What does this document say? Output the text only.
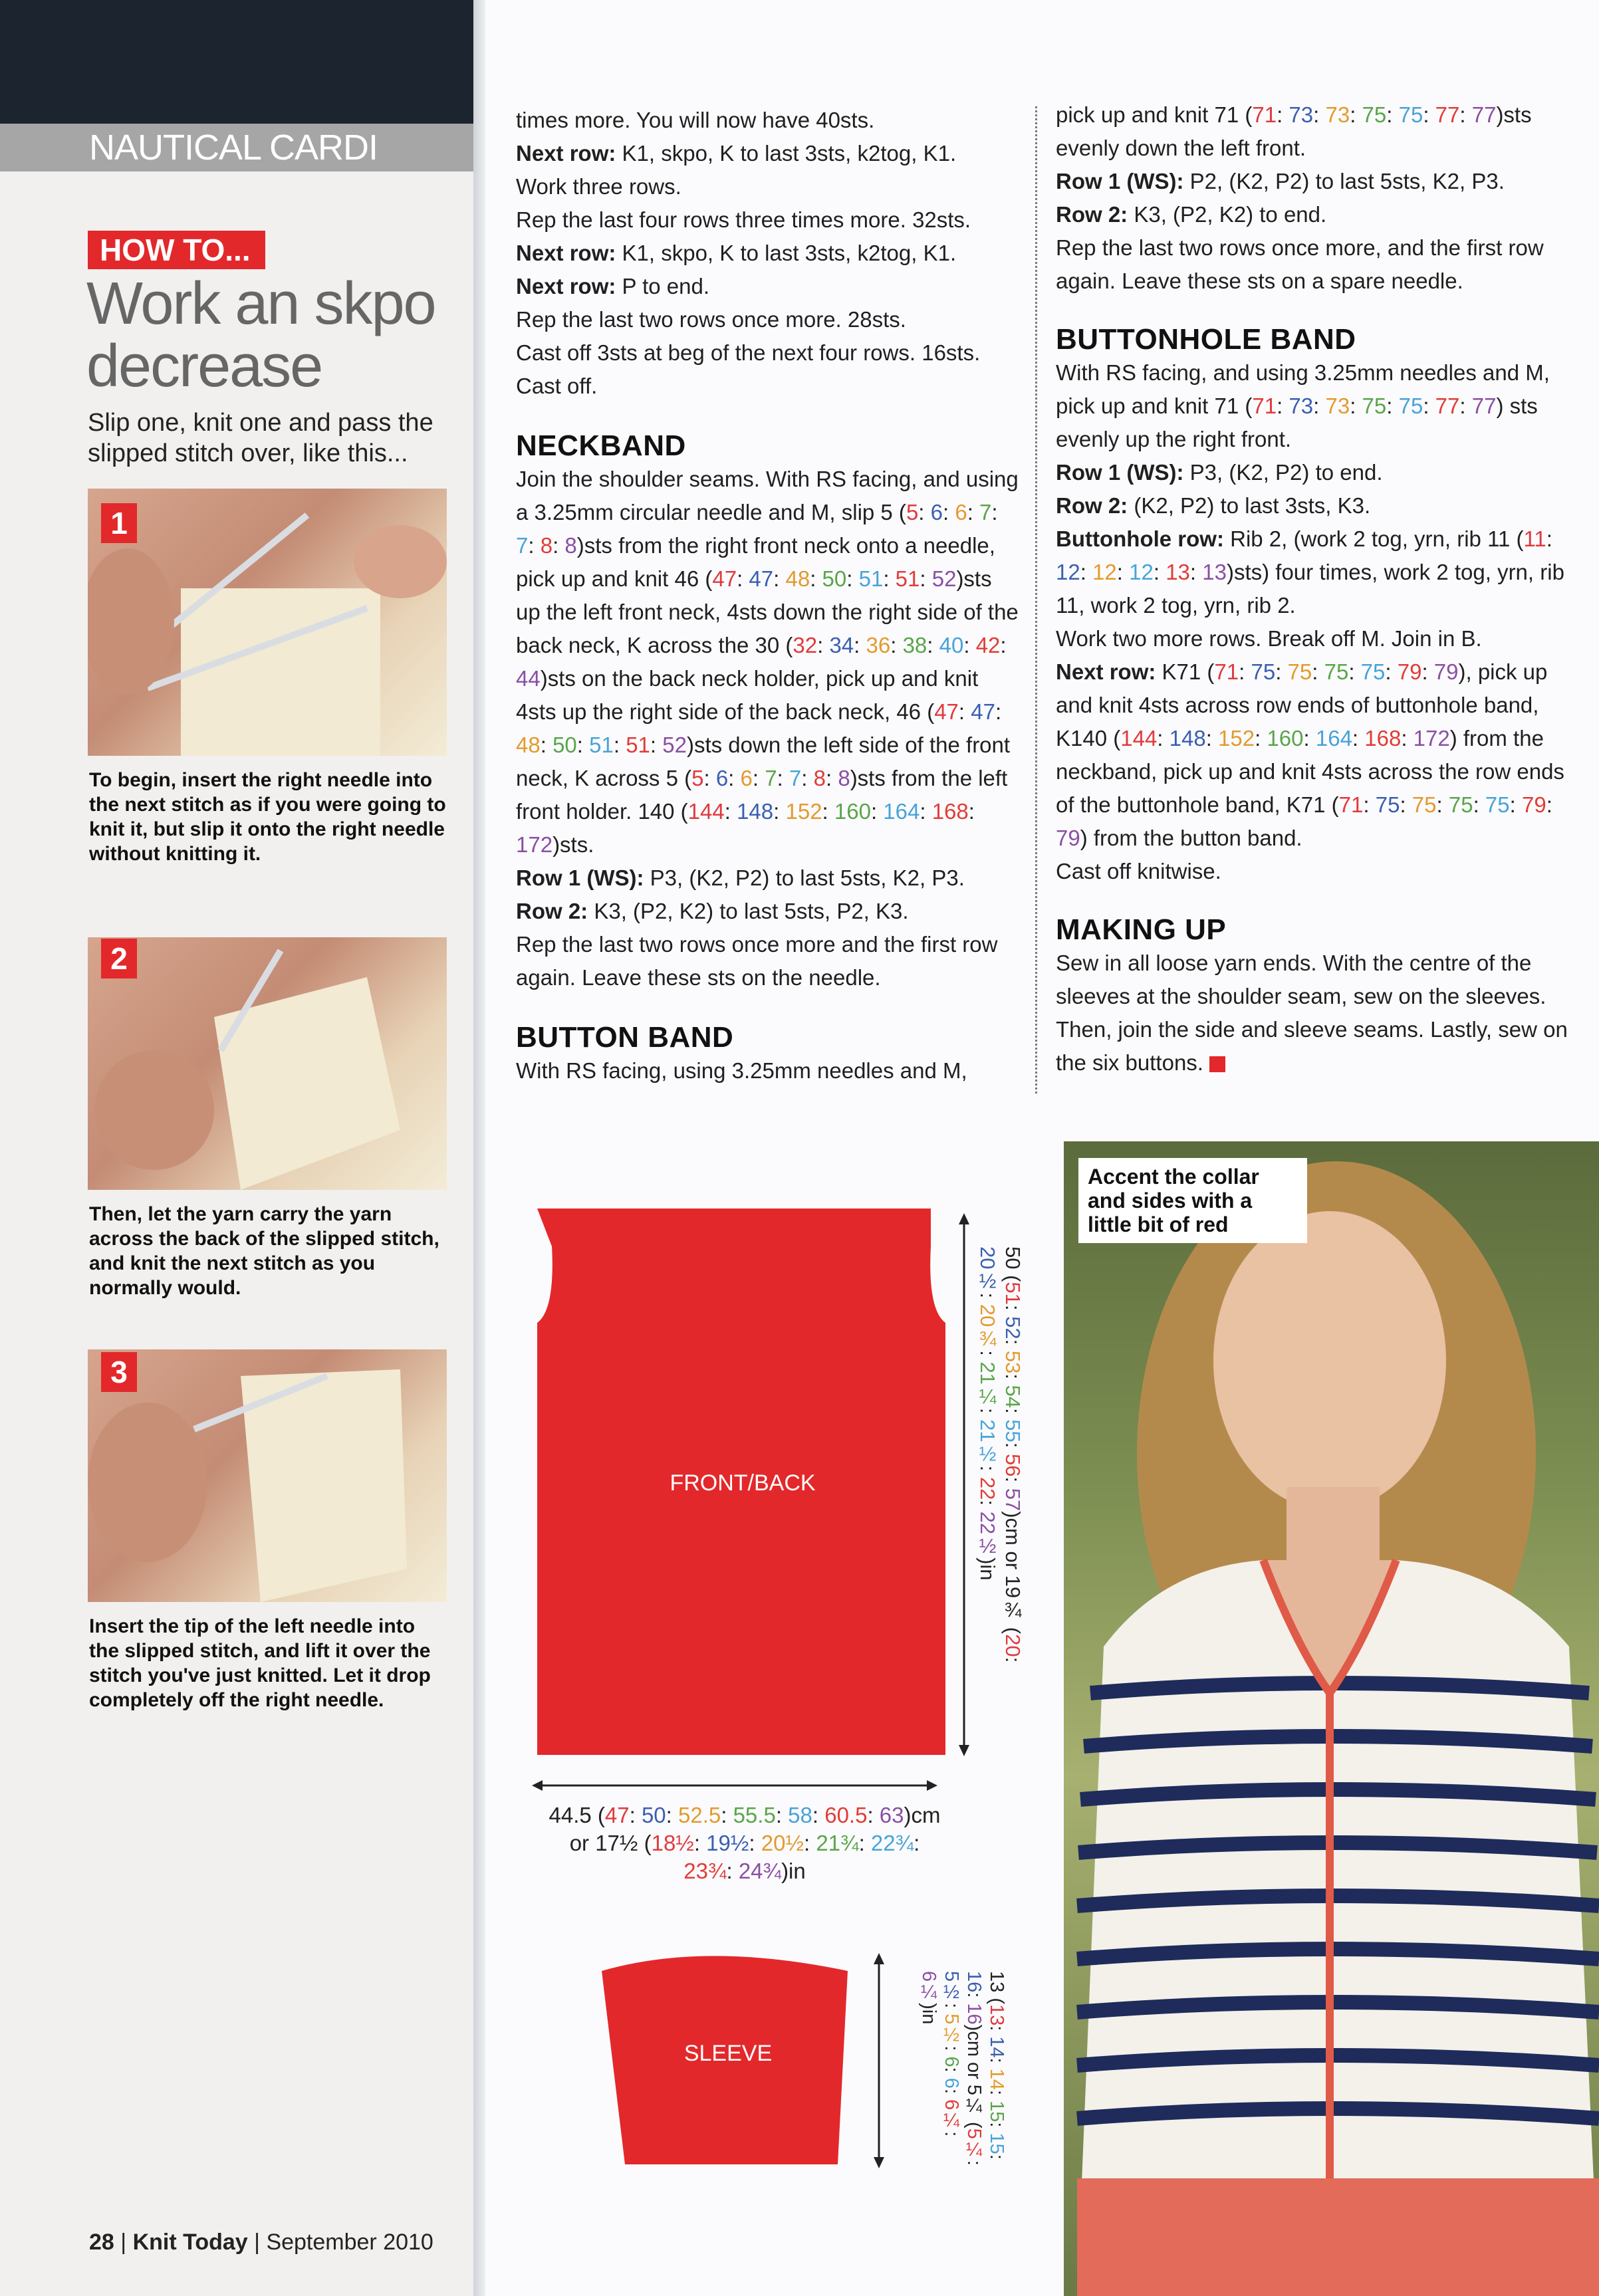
NAUTICAL CARDI
HOW TO...
Work an skpo decrease
Slip one, knit one and pass the slipped stitch over, like this...
1
To begin, insert the right needle into the next stitch as if you were going to knit it, but slip it onto the right needle without knitting it.
2
Then, let the yarn carry the yarn across the back of the slipped stitch, and knit the next stitch as you normally would.
3
Insert the tip of the left needle into the slipped stitch, and lift it over the stitch you've just knitted. Let it drop completely off the right needle.
28 | Knit Today | September 2010
times more. You will now have 40sts.
Next row: K1, skpo, K to last 3sts, k2tog, K1.
Work three rows.
Rep the last four rows three times more. 32sts.
Next row: K1, skpo, K to last 3sts, k2tog, K1.
Next row: P to end.
Rep the last two rows once more. 28sts.
Cast off 3sts at beg of the next four rows. 16sts.
Cast off.
NECKBAND
Join the shoulder seams. With RS facing, and using a 3.25mm circular needle and M, slip 5 (5: 6: 6: 7: 7: 8: 8)sts from the right front neck onto a needle, pick up and knit 46 (47: 47: 48: 50: 51: 51: 52)sts up the left front neck, 4sts down the right side of the back neck, K across the 30 (32: 34: 36: 38: 40: 42: 44)sts on the back neck holder, pick up and knit 4sts up the right side of the back neck, 46 (47: 47: 48: 50: 51: 51: 52)sts down the left side of the front neck, K across 5 (5: 6: 6: 7: 7: 8: 8)sts from the left front holder. 140 (144: 148: 152: 160: 164: 168: 172)sts.
Row 1 (WS): P3, (K2, P2) to last 5sts, K2, P3.
Row 2: K3, (P2, K2) to last 5sts, P2, K3.
Rep the last two rows once more and the first row again. Leave these sts on the needle.
BUTTON BAND
With RS facing, using 3.25mm needles and M,
pick up and knit 71 (71: 73: 73: 75: 75: 77: 77)sts evenly down the left front.
Row 1 (WS): P2, (K2, P2) to last 5sts, K2, P3.
Row 2: K3, (P2, K2) to end.
Rep the last two rows once more, and the first row again. Leave these sts on a spare needle.
BUTTONHOLE BAND
With RS facing, and using 3.25mm needles and M, pick up and knit 71 (71: 73: 73: 75: 75: 77: 77) sts evenly up the right front.
Row 1 (WS): P3, (K2, P2) to end.
Row 2: (K2, P2) to last 3sts, K3.
Buttonhole row: Rib 2, (work 2 tog, yrn, rib 11 (11: 12: 12: 12: 13: 13)sts) four times, work 2 tog, yrn, rib 11, work 2 tog, yrn, rib 2.
Work two more rows. Break off M. Join in B.
Next row: K71 (71: 75: 75: 75: 75: 79: 79), pick up and knit 4sts across row ends of buttonhole band, K140 (144: 148: 152: 160: 164: 168: 172) from the neckband, pick up and knit 4sts across the row ends of the buttonhole band, K71 (71: 75: 75: 75: 75: 79: 79) from the button band.
Cast off knitwise.
MAKING UP
Sew in all loose yarn ends. With the centre of the sleeves at the shoulder seam, sew on the sleeves. Then, join the side and sleeve seams. Lastly, sew on the six buttons.
FRONT/BACK
SLEEVE
50 (51: 52: 53: 54: 55: 56: 57)cm or 19¾ (20: 20½: 20¾: 21¼: 21½: 22: 22½)in
44.5 (47: 50: 52.5: 55.5: 58: 60.5: 63)cm
or 17½ (18½: 19½: 20½: 21¾: 22¾:
23¾: 24¾)in
13 (13: 14: 14: 15: 15: 16: 16)cm or 5¼ (5¼: 5½: 5½: 6: 6: 6¼: 6¼)in
Accent the collar and sides with a little bit of red
